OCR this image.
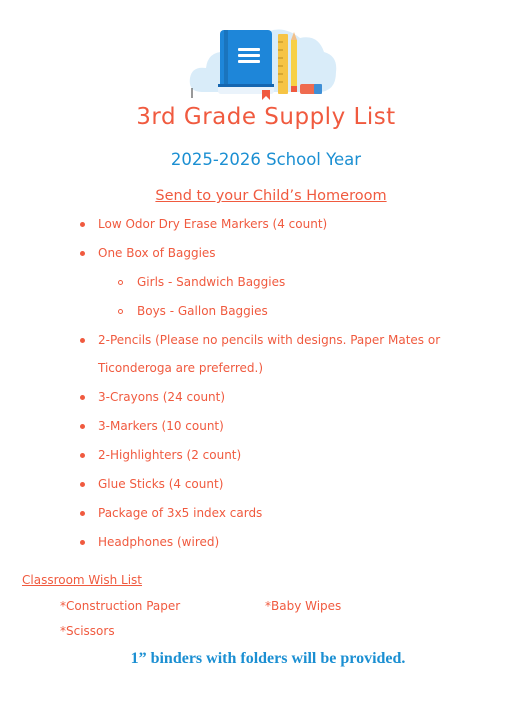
3rd Grade Supply List
2025-2026 School Year
Send to your Child’s Homeroom
Low Odor Dry Erase Markers (4 count)
One Box of Baggies
Girls - Sandwich Baggies
Boys - Gallon Baggies
2-Pencils (Please no pencils with designs. Paper Mates or
Ticonderoga are preferred.)
3-Crayons (24 count)
3-Markers (10 count)
2-Highlighters (2 count)
Glue Sticks (4 count)
Package of 3x5 index cards
Headphones (wired)
Classroom Wish List
*Construction Paper	*Baby Wipes
*Scissors
1” binders with folders will be provided.
